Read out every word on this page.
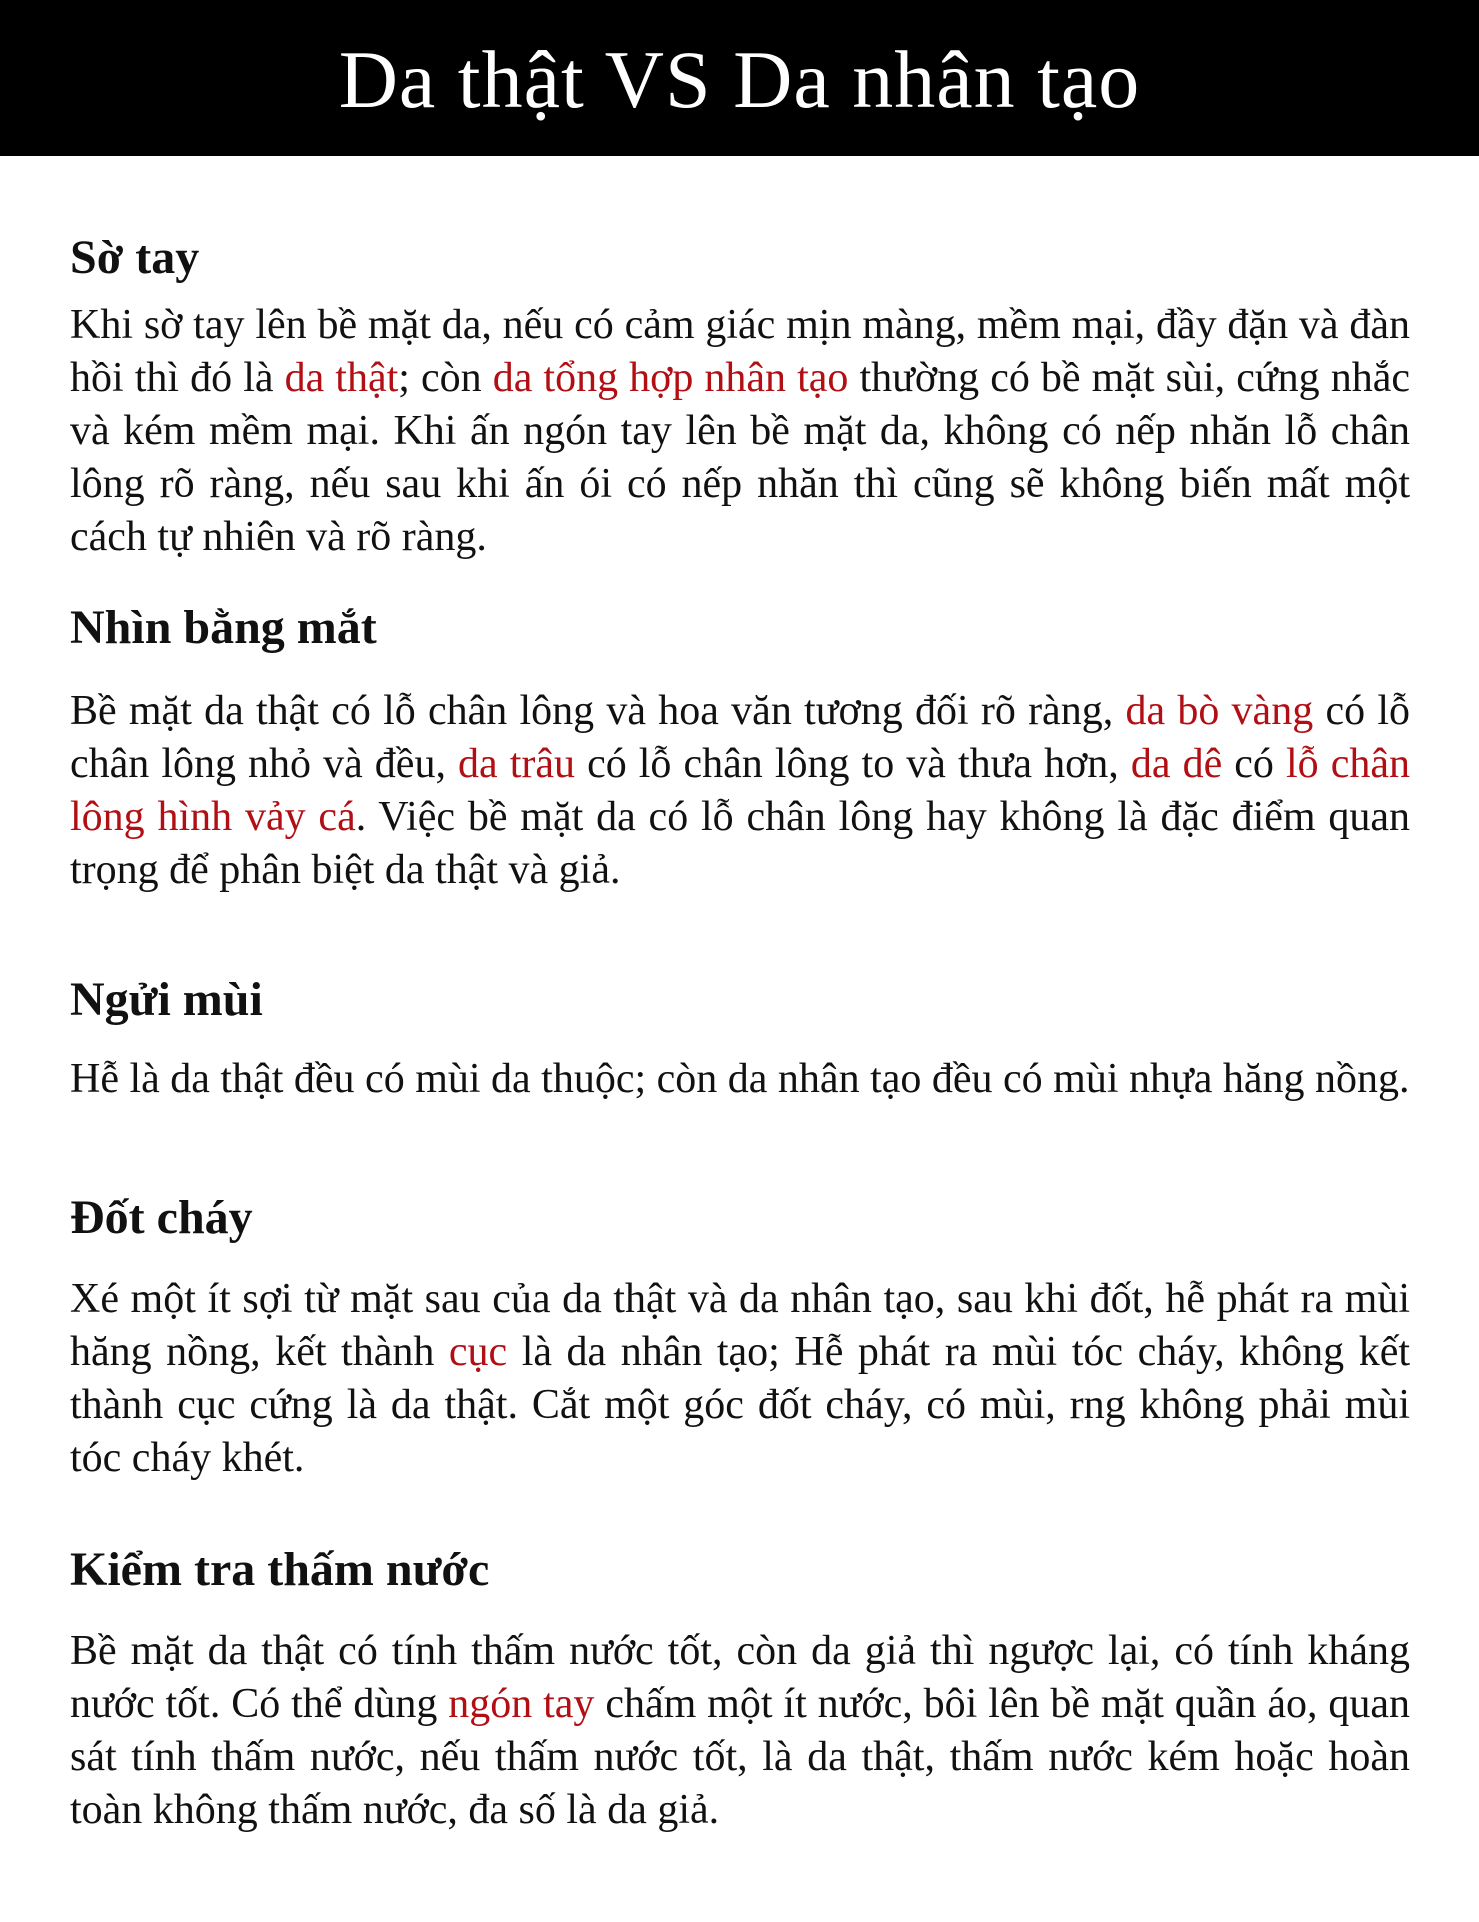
Da thật VS Da nhân tạo
Sờ tay

Khi sờ tay lên bề mặt da, nếu có cảm giác mịn màng, mềm mại, đầy đặn và đàn hồi thì đó là da thật; còn da tổng hợp nhân tạo thường có bề mặt sùi, cứng nhắc và kém mềm mại. Khi ấn ngón tay lên bề mặt da, không có nếp nhăn lỗ chân lông rõ ràng, nếu sau khi ấn ói có nếp nhăn thì cũng sẽ không biến mất một cách tự nhiên và rõ ràng.

Nhìn bằng mắt

Bề mặt da thật có lỗ chân lông và hoa văn tương đối rõ ràng, da bò vàng có lỗ chân lông nhỏ và đều, da trâu có lỗ chân lông to và thưa hơn, da dê có lỗ chân lông hình vảy cá. Việc bề mặt da có lỗ chân lông hay không là đặc điểm quan trọng để phân biệt da thật và giả.

Ngửi mùi

Hễ là da thật đều có mùi da thuộc; còn da nhân tạo đều có mùi nhựa hăng nồng.

Đốt cháy

Xé một ít sợi từ mặt sau của da thật và da nhân tạo, sau khi đốt, hễ phát ra mùi hăng nồng, kết thành cục là da nhân tạo; Hễ phát ra mùi tóc cháy, không kết thành cục cứng là da thật. Cắt một góc đốt cháy, có mùi, rng không phải mùi tóc cháy khét.

Kiểm tra thấm nước

Bề mặt da thật có tính thấm nước tốt, còn da giả thì ngược lại, có tính kháng nước tốt. Có thể dùng ngón tay chấm một ít nước, bôi lên bề mặt quần áo, quan sát tính thấm nước, nếu thấm nước tốt, là da thật, thấm nước kém hoặc hoàn toàn không thấm nước, đa số là da giả.
